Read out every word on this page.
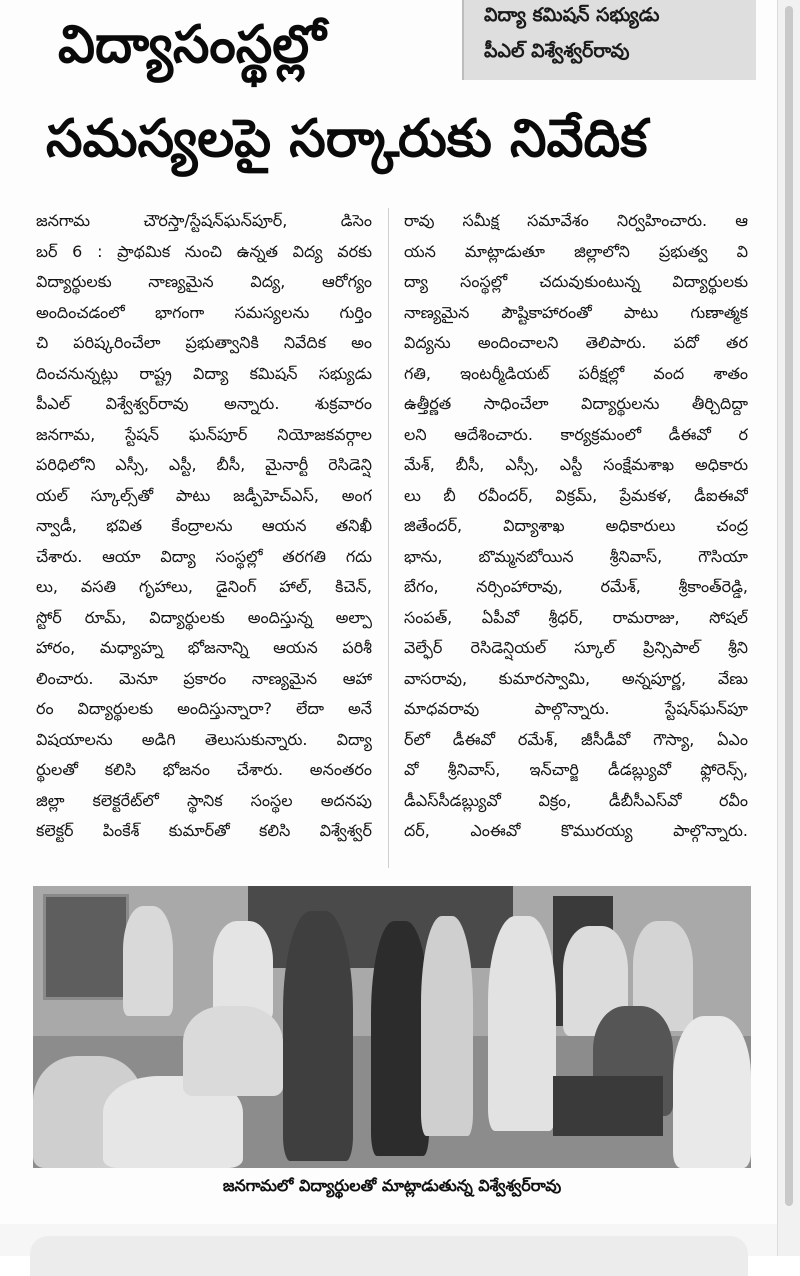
విద్యాసంస్థల్లో
సమస్యలపై సర్కారుకు నివేదిక
విద్యా కమిషన్ సభ్యుడు
పీఎల్ విశ్వేశ్వర్‌రావు
జనగామ చౌరస్తా/స్టేషన్‌ఘన్‌పూర్, డిసెం
బర్ 6 : ప్రాథమిక నుంచి ఉన్నత విద్య వరకు
విద్యార్థులకు నాణ్యమైన విద్య, ఆరోగ్యం
అందించడంలో భాగంగా సమస్యలను గుర్తిం
చి పరిష్కరించేలా ప్రభుత్వానికి నివేదిక అం
దించనున్నట్లు రాష్ట్ర విద్యా కమిషన్ సభ్యుడు
పీఎల్ విశ్వేశ్వర్‌రావు అన్నారు. శుక్రవారం
జనగామ, స్టేషన్ ఘన్‌పూర్ నియోజకవర్గాల
పరిధిలోని ఎస్సీ, ఎస్టీ, బీసీ, మైనార్టీ రెసిడెన్షి
యల్ స్కూల్స్‌తో పాటు జడ్పీహెచ్‌ఎస్, అంగ
న్వాడీ, భవిత కేంద్రాలను ఆయన తనిఖీ
చేశారు. ఆయా విద్యా సంస్థల్లో తరగతి గదు
లు, వసతి గృహాలు, డైనింగ్ హాల్, కిచెన్,
స్టోర్ రూమ్, విద్యార్థులకు అందిస్తున్న అల్పా
హారం, మధ్యాహ్న భోజనాన్ని ఆయన పరిశీ
లించారు. మెనూ ప్రకారం నాణ్యమైన ఆహా
రం విద్యార్థులకు అందిస్తున్నారా? లేదా అనే
విషయాలను అడిగి తెలుసుకున్నారు. విద్యా
ర్థులతో కలిసి భోజనం చేశారు. అనంతరం
జిల్లా కలెక్టరేట్‌లో స్థానిక సంస్థల అదనపు
కలెక్టర్ పింకేశ్ కుమార్‌తో కలిసి విశ్వేశ్వర్
రావు సమీక్ష సమావేశం నిర్వహించారు. ఆ
యన మాట్లాడుతూ జిల్లాలోని ప్రభుత్వ వి
ద్యా సంస్థల్లో చదువుకుంటున్న విద్యార్థులకు
నాణ్యమైన పౌష్టికాహారంతో పాటు గుణాత్మక
విద్యను అందించాలని తెలిపారు. పదో తర
గతి, ఇంటర్మీడియట్ పరీక్షల్లో వంద శాతం
ఉత్తీర్ణత సాధించేలా విద్యార్థులను తీర్చిదిద్దా
లని ఆదేశించారు. కార్యక్రమంలో డీఈవో ర
మేశ్, బీసీ, ఎస్సీ, ఎస్టీ సంక్షేమశాఖ అధికారు
లు బీ రవీందర్, విక్రమ్, ప్రేమకళ, డీఐఈవో
జితేందర్, విద్యాశాఖ అధికారులు చంద్ర
భాను, బొమ్మనబోయిన శ్రీనివాస్, గౌసియా
బేగం, నర్సింహారావు, రమేశ్, శ్రీకాంత్‌రెడ్డి,
సంపత్, ఏపీవో శ్రీధర్, రామరాజు, సోషల్
వెల్ఫేర్ రెసిడెన్షియల్ స్కూల్ ప్రిన్సిపాల్ శ్రీని
వాసరావు, కుమారస్వామి, అన్నపూర్ణ, వేణు
మాధవరావు పాల్గొన్నారు. స్టేషన్‌ఘన్‌పూ
ర్‌లో డీఈవో రమేశ్, జీసీడీవో గౌస్యా, ఏఎం
వో శ్రీనివాస్, ఇన్‌చార్జి డీడబ్ల్యువో ఫ్లోరెన్స్,
డీఎస్‌సీడబ్ల్యువో విక్రం, డీబీసీఎస్‌వో రవీం
దర్, ఎంఈవో కొమురయ్య పాల్గొన్నారు.
జనగామలో విద్యార్థులతో మాట్లాడుతున్న విశ్వేశ్వర్‌రావు
